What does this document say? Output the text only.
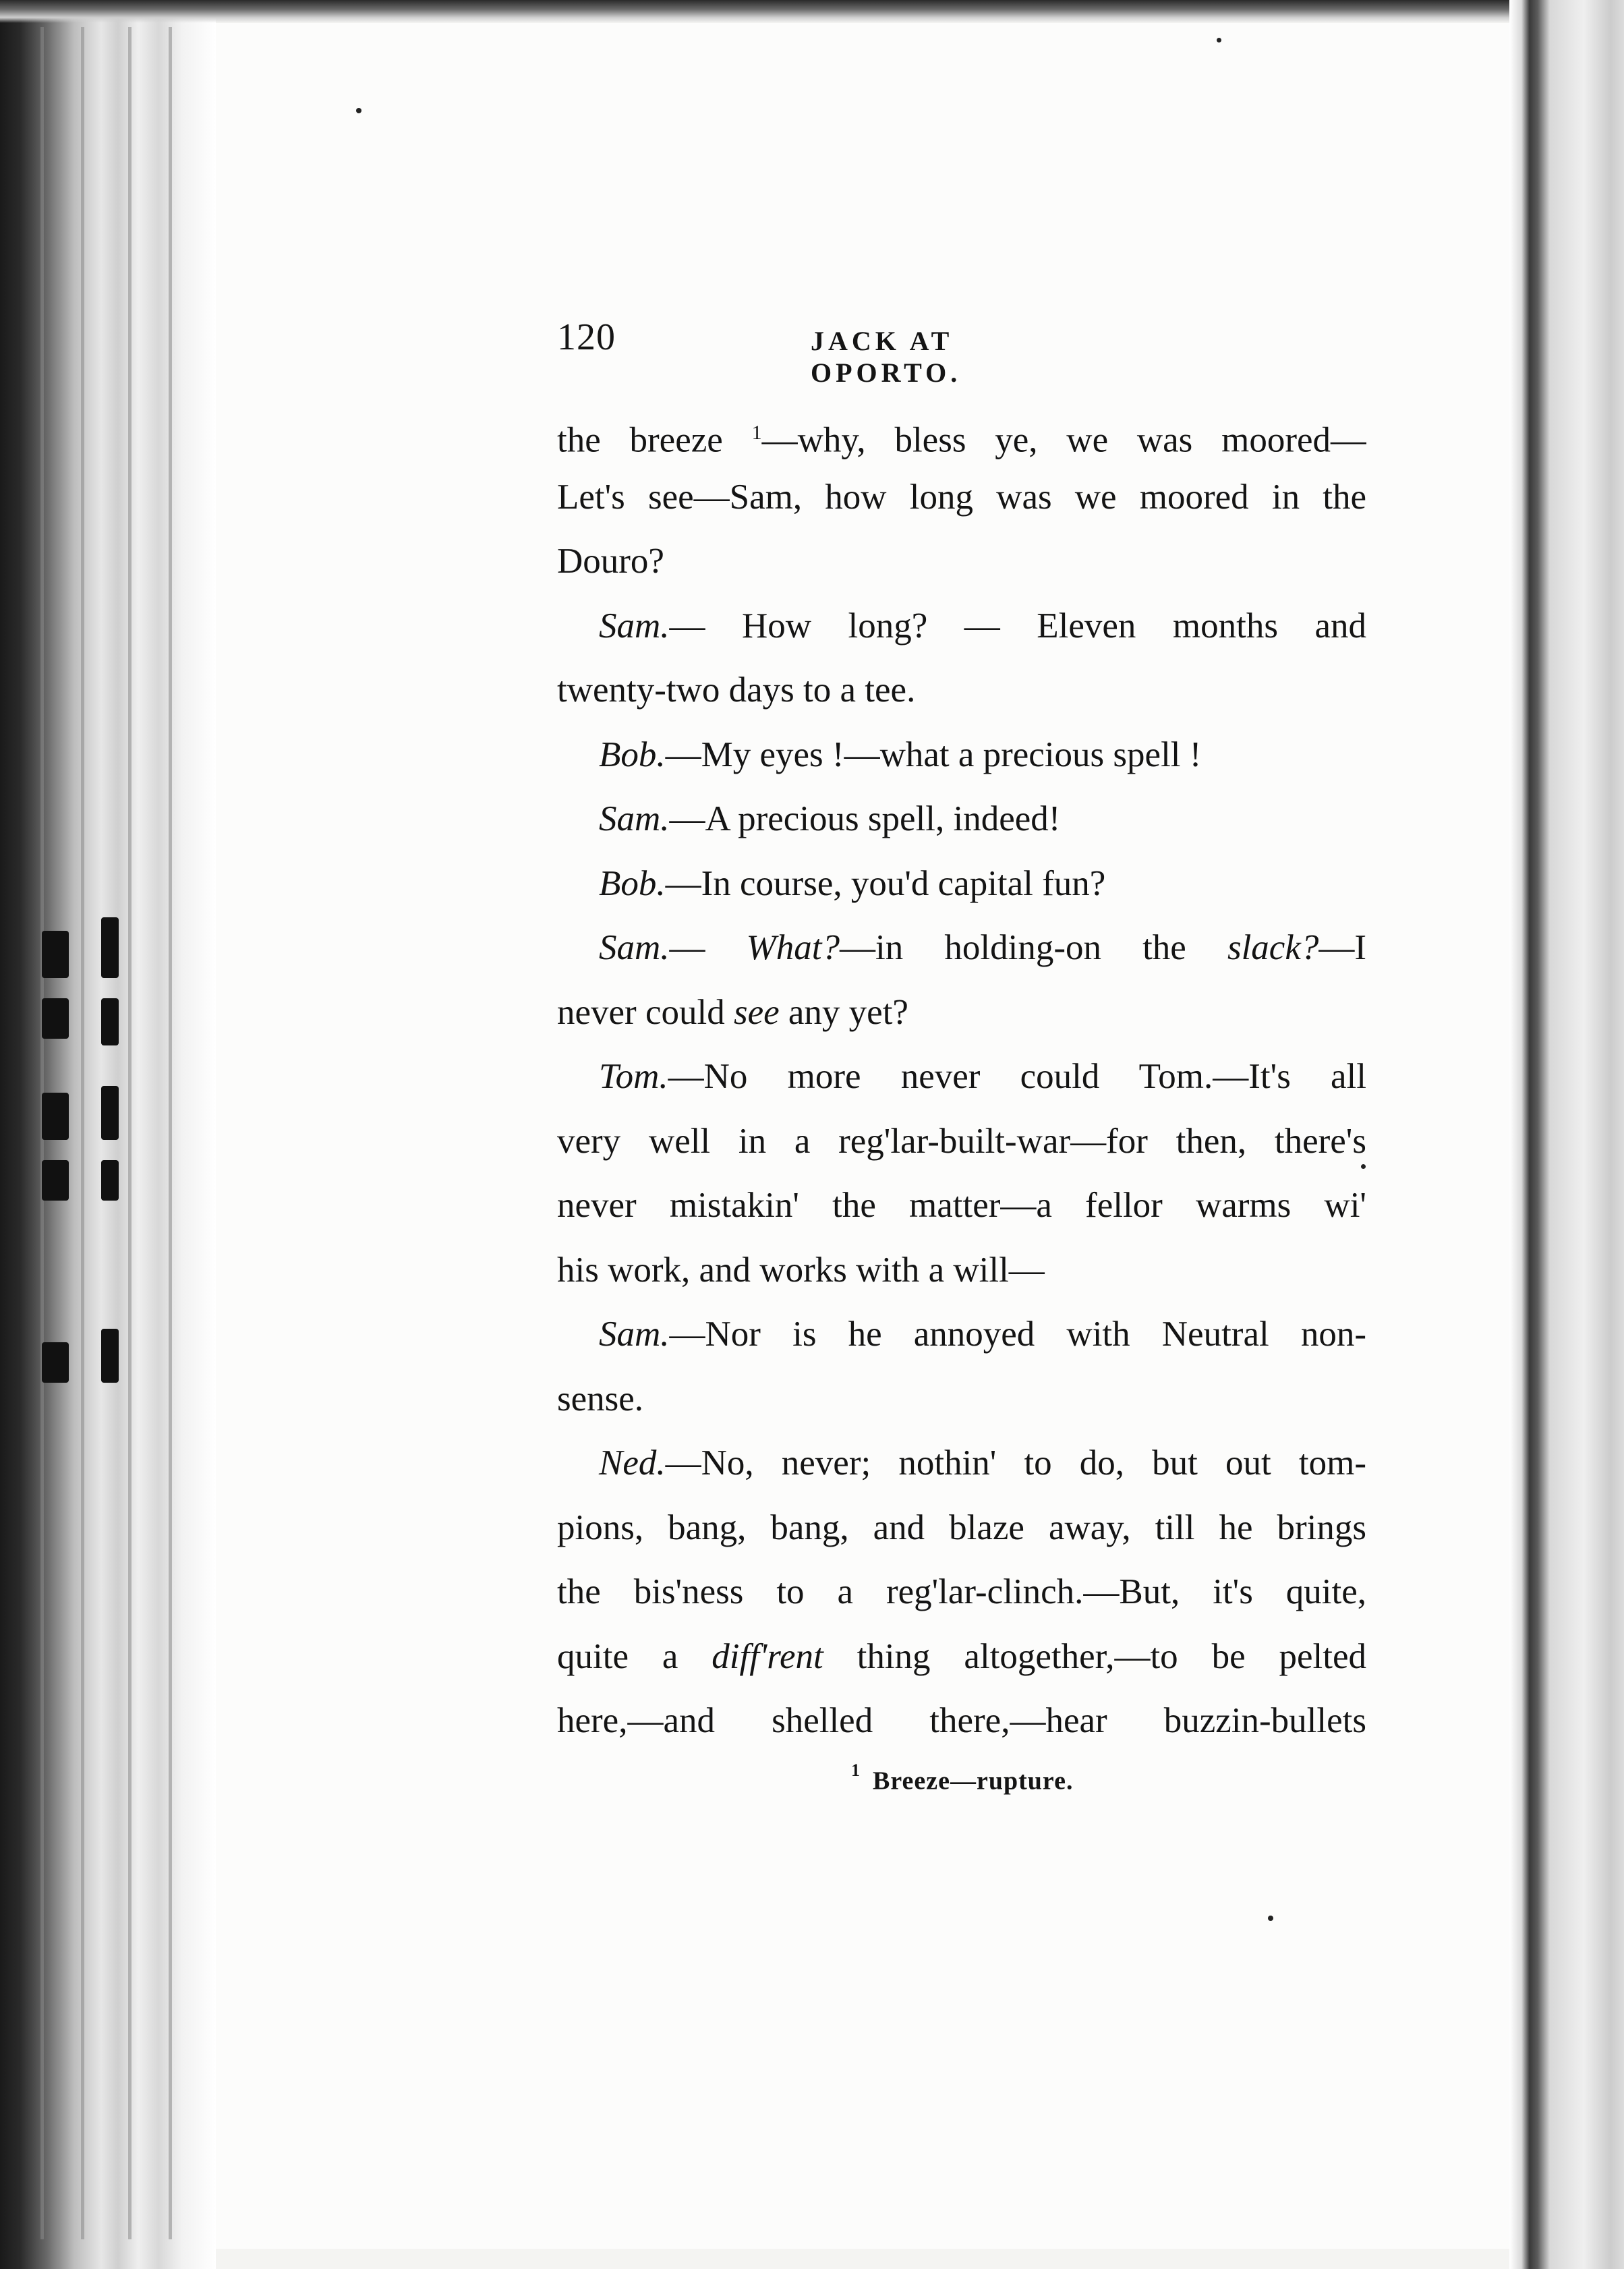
120	JACK AT OPORTO.
the breeze $^1$—why, bless ye, we was moored—
Let's see—Sam, how long was we moored in the
Douro?
Sam.— How long? — Eleven months and
twenty-two days to a tee.
Bob.—My eyes !—what a precious spell !
Sam.—A precious spell, indeed!
Bob.—In course, you'd capital fun?
Sam.— What?—in holding-on the slack?—I
never could see any yet?
Tom.—No more never could Tom.—It's all
very well in a reg'lar-built-war—for then, there's
never mistakin' the matter—a fellor warms wi'
his work, and works with a will—
Sam.—Nor is he annoyed with Neutral non-
sense.
Ned.—No, never; nothin' to do, but out tom-
pions, bang, bang, and blaze away, till he brings
the bis'ness to a reg'lar-clinch.—But, it's quite,
quite a diff'rent thing altogether,—to be pelted
here,—and shelled there,—hear buzzin-bullets
$^1$ Breeze—rupture.
